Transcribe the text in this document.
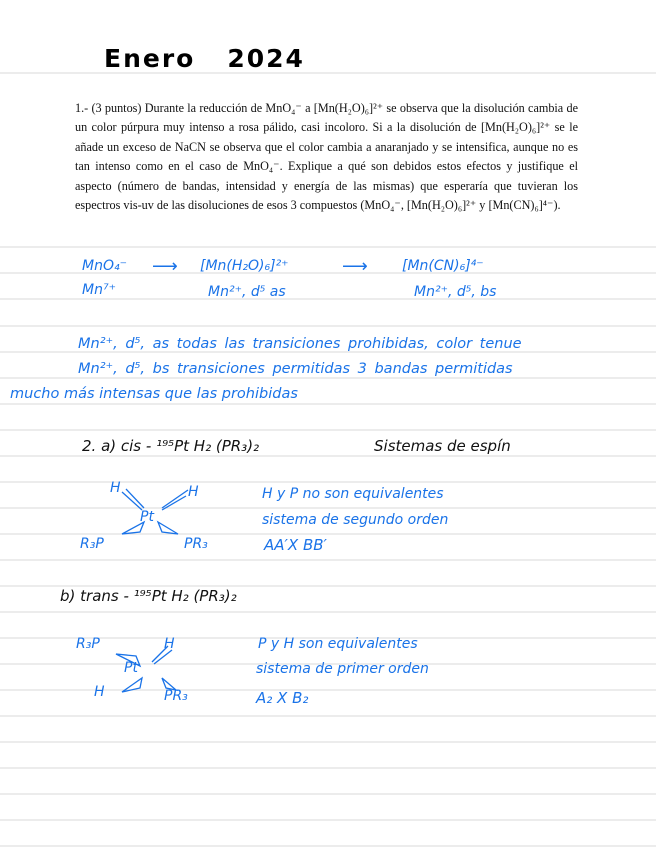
Enero 2024

1.- (3 puntos) Durante la reducción de MnO₄⁻ a [Mn(H₂O)₆]²⁺ se observa que la disolución cambia de un color púrpura muy intenso a rosa pálido, casi incoloro. Si a la disolución de [Mn(H₂O)₆]²⁺ se le añade un exceso de NaCN se observa que el color cambia a anaranjado y se intensifica, aunque no es tan intenso como en el caso de MnO₄⁻. Explique a qué son debidos estos efectos y justifique el aspecto (número de bandas, intensidad y energía de las mismas) que esperaría que tuvieran los espectros vis-uv de las disoluciones de esos 3 compuestos (MnO₄⁻, [Mn(H₂O)₆]²⁺ y [Mn(CN)₆]⁴⁻).

MnO₄⁻ ⟶ [Mn(H₂O)₆]²⁺	⟶ [Mn(CN)₆]⁴⁻
Mn⁷⁺	Mn²⁺, d⁵ as	Mn²⁺, d⁵, bs
Mn²⁺, d⁵, as todas las transiciones prohibidas, color tenue
Mn²⁺, d⁵, bs transiciones permitidas 3 bandas permitidas
mucho más intensas que las prohibidas
2. a) cis - ¹⁹⁵Pt H₂ (PR₃)₂	Sistemas de espín
H	H
Pt
R₃P	PR₃
H y P no son equivalentes
sistema de segundo orden
AA′X BB′
b) trans - ¹⁹⁵Pt H₂ (PR₃)₂
R₃P	H
Pt
H	PR₃
P y H son equivalentes
sistema de primer orden
A₂ X B₂
